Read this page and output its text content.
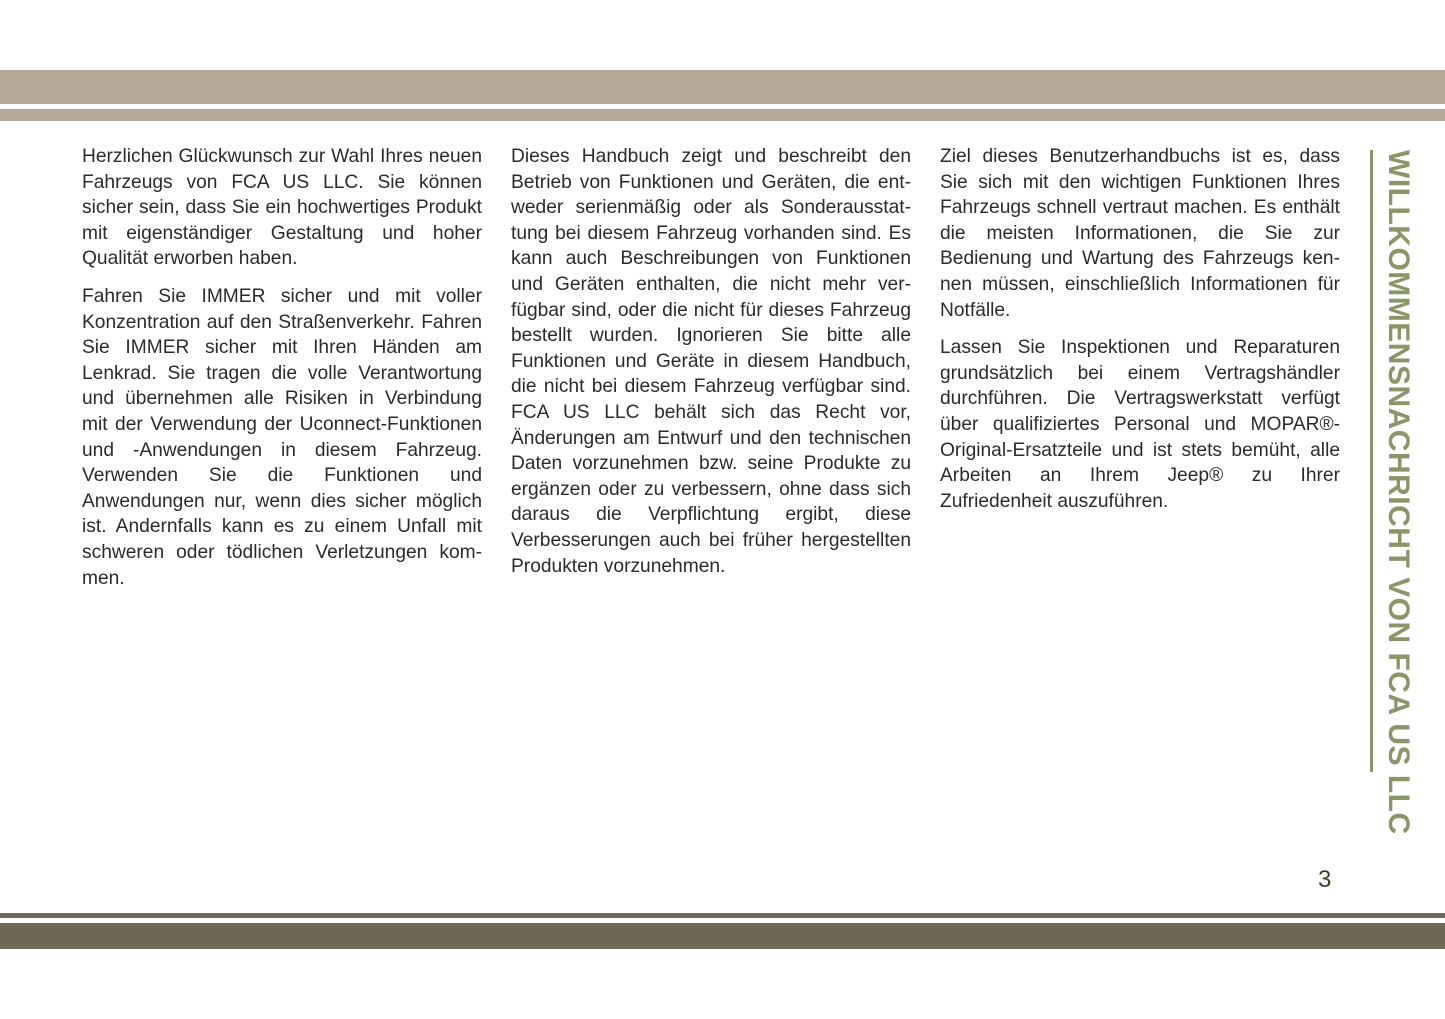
Herzlichen Glückwunsch zur Wahl Ihres neuen Fahrzeugs von FCA US LLC. Sie können sicher sein, dass Sie ein hochwertiges Produkt mit eigenständiger Gestaltung und hoher Qualität erworben haben.

Fahren Sie IMMER sicher und mit voller Konzentration auf den Straßenverkehr. Fahren Sie IMMER sicher mit Ihren Händen am Lenkrad. Sie tragen die volle Verantwortung und übernehmen alle Risiken in Verbindung mit der Verwendung der Uconnect-Funktionen und -Anwendungen in diesem Fahrzeug. Verwenden Sie die Funktionen und Anwendungen nur, wenn dies sicher möglich ist. Andernfalls kann es zu einem Unfall mit schweren oder tödlichen Verletzungen kommen.

Dieses Handbuch zeigt und beschreibt den Betrieb von Funktionen und Geräten, die entweder serienmäßig oder als Sonderausstattung bei diesem Fahrzeug vorhanden sind. Es kann auch Beschreibungen von Funktionen und Geräten enthalten, die nicht mehr verfügbar sind, oder die nicht für dieses Fahrzeug bestellt wurden. Ignorieren Sie bitte alle Funktionen und Geräte in diesem Handbuch, die nicht bei diesem Fahrzeug verfügbar sind. FCA US LLC behält sich das Recht vor, Änderungen am Entwurf und den technischen Daten vorzunehmen bzw. seine Produkte zu ergänzen oder zu verbessern, ohne dass sich daraus die Verpflichtung ergibt, diese Verbesserungen auch bei früher hergestellten Produkten vorzunehmen.

Ziel dieses Benutzerhandbuchs ist es, dass Sie sich mit den wichtigen Funktionen Ihres Fahrzeugs schnell vertraut machen. Es enthält die meisten Informationen, die Sie zur Bedienung und Wartung des Fahrzeugs kennen müssen, einschließlich Informationen für Notfälle.

Lassen Sie Inspektionen und Reparaturen grundsätzlich bei einem Vertragshändler durchführen. Die Vertragswerkstatt verfügt über qualifiziertes Personal und MOPAR®-Original-Ersatzteile und ist stets bemüht, alle Arbeiten an Ihrem Jeep® zu Ihrer Zufriedenheit auszuführen.	WILLKOMMENSNACHRICHT VON FCA US LLC
3
